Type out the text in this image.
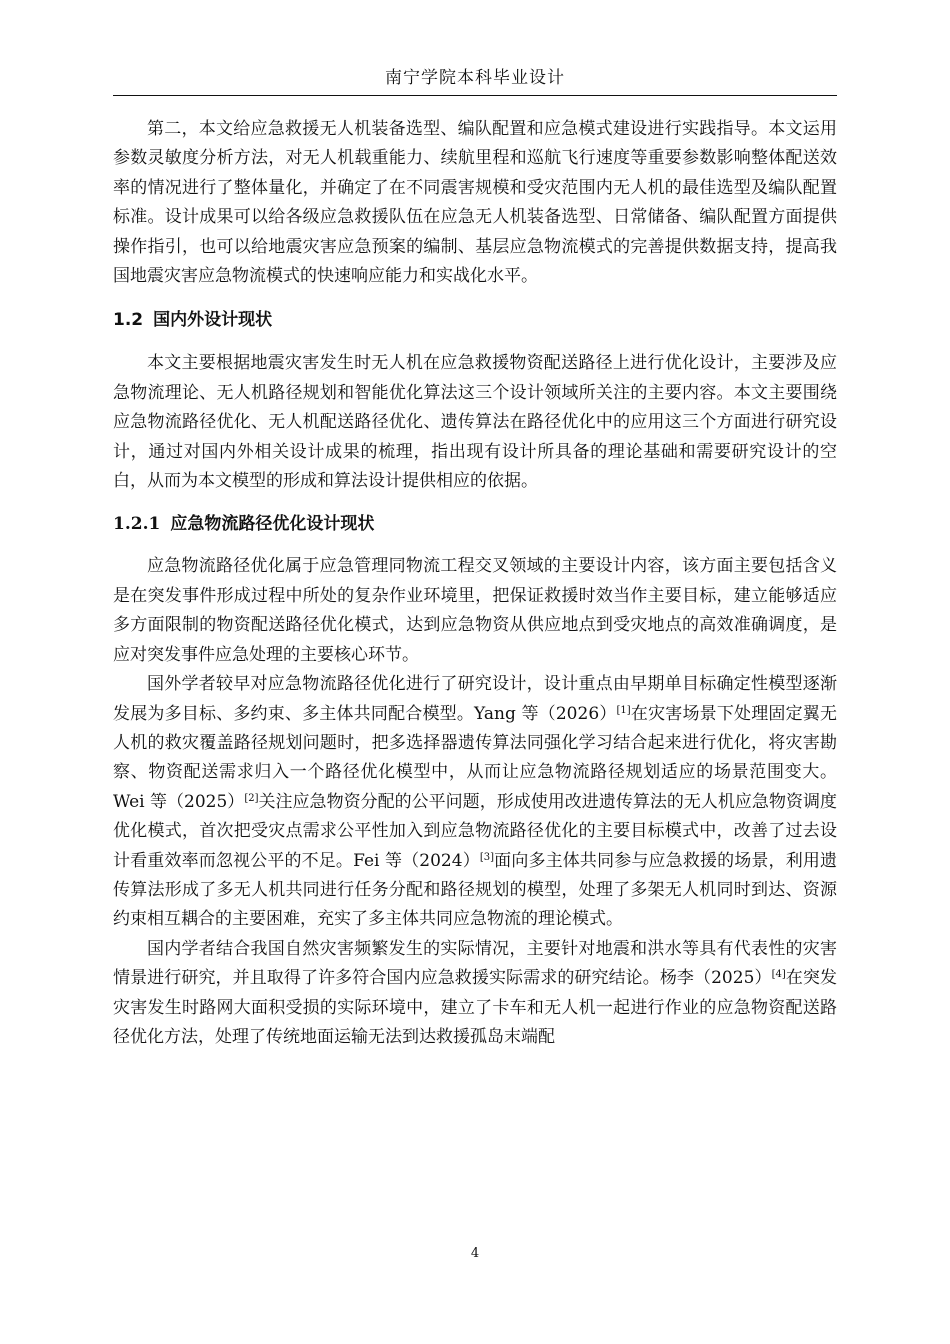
南宁学院本科毕业设计

第二，本文给应急救援无人机装备选型、编队配置和应急模式建设进行实践指导。本文运用参数灵敏度分析方法，对无人机载重能力、续航里程和巡航飞行速度等重要参数影响整体配送效率的情况进行了整体量化，并确定了在不同震害规模和受灾范围内无人机的最佳选型及编队配置标准。设计成果可以给各级应急救援队伍在应急无人机装备选型、日常储备、编队配置方面提供操作指引，也可以给地震灾害应急预案的编制、基层应急物流模式的完善提供数据支持，提高我国地震灾害应急物流模式的快速响应能力和实战化水平。

1.2 国内外设计现状

本文主要根据地震灾害发生时无人机在应急救援物资配送路径上进行优化设计，主要涉及应急物流理论、无人机路径规划和智能优化算法这三个设计领域所关注的主要内容。本文主要围绕应急物流路径优化、无人机配送路径优化、遗传算法在路径优化中的应用这三个方面进行研究设计，通过对国内外相关设计成果的梳理，指出现有设计所具备的理论基础和需要研究设计的空白，从而为本文模型的形成和算法设计提供相应的依据。

1.2.1 应急物流路径优化设计现状

应急物流路径优化属于应急管理同物流工程交叉领域的主要设计内容，该方面主要包括含义是在突发事件形成过程中所处的复杂作业环境里，把保证救援时效当作主要目标，建立能够适应多方面限制的物资配送路径优化模式，达到应急物资从供应地点到受灾地点的高效准确调度，是应对突发事件应急处理的主要核心环节。

国外学者较早对应急物流路径优化进行了研究设计，设计重点由早期单目标确定性模型逐渐发展为多目标、多约束、多主体共同配合模型。Yang 等（2026）[1]在灾害场景下处理固定翼无人机的救灾覆盖路径规划问题时，把多选择器遗传算法同强化学习结合起来进行优化，将灾害勘察、物资配送需求归入一个路径优化模型中，从而让应急物流路径规划适应的场景范围变大。Wei 等（2025）[2]关注应急物资分配的公平问题，形成使用改进遗传算法的无人机应急物资调度优化模式，首次把受灾点需求公平性加入到应急物流路径优化的主要目标模式中，改善了过去设计看重效率而忽视公平的不足。Fei 等（2024）[3]面向多主体共同参与应急救援的场景，利用遗传算法形成了多无人机共同进行任务分配和路径规划的模型，处理了多架无人机同时到达、资源约束相互耦合的主要困难，充实了多主体共同应急物流的理论模式。

国内学者结合我国自然灾害频繁发生的实际情况，主要针对地震和洪水等具有代表性的灾害情景进行研究，并且取得了许多符合国内应急救援实际需求的研究结论。杨李（2025）[4]在突发灾害发生时路网大面积受损的实际环境中，建立了卡车和无人机一起进行作业的应急物资配送路径优化方法，处理了传统地面运输无法到达救援孤岛末端配

4
